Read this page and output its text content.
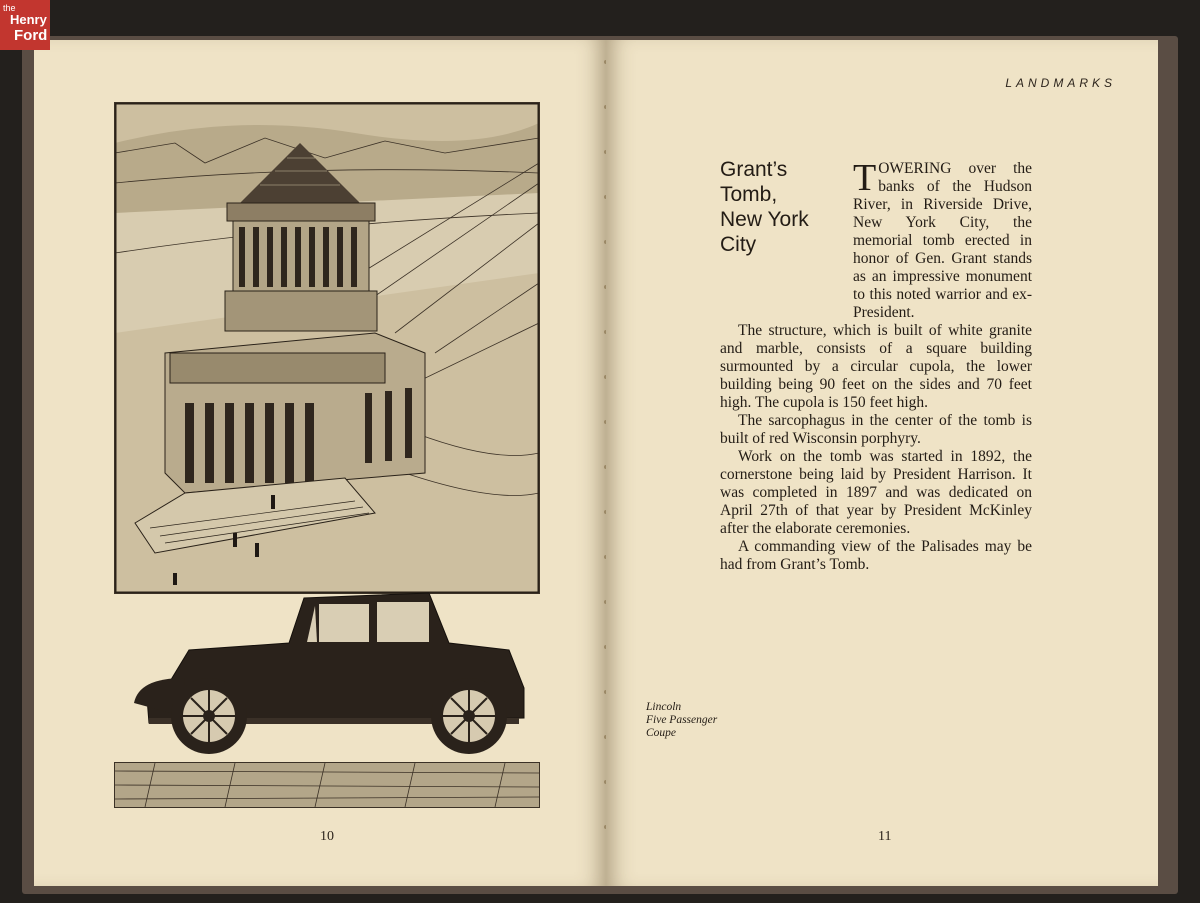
10
LANDMARKS
Grant’s
Tomb,
New York
City

TOWERING over the banks of the Hudson River, in Riverside Drive, New York City, the memorial tomb erected in honor of Gen. Grant stands as an impressive monument to this noted warrior and ex-President.

The structure, which is built of white granite and marble, consists of a square building surmounted by a circular cupola, the lower building being 90 feet on the sides and 70 feet high. The cupola is 150 feet high.

The sarcophagus in the center of the tomb is built of red Wisconsin porphyry.

Work on the tomb was started in 1892, the cornerstone being laid by President Harrison. It was completed in 1897 and was dedicated on April 27th of that year by President McKinley after the elaborate ceremonies.

A commanding view of the Palisades may be had from Grant’s Tomb.

Lincoln
Five Passenger
Coupe
11
the
Henry
Ford
